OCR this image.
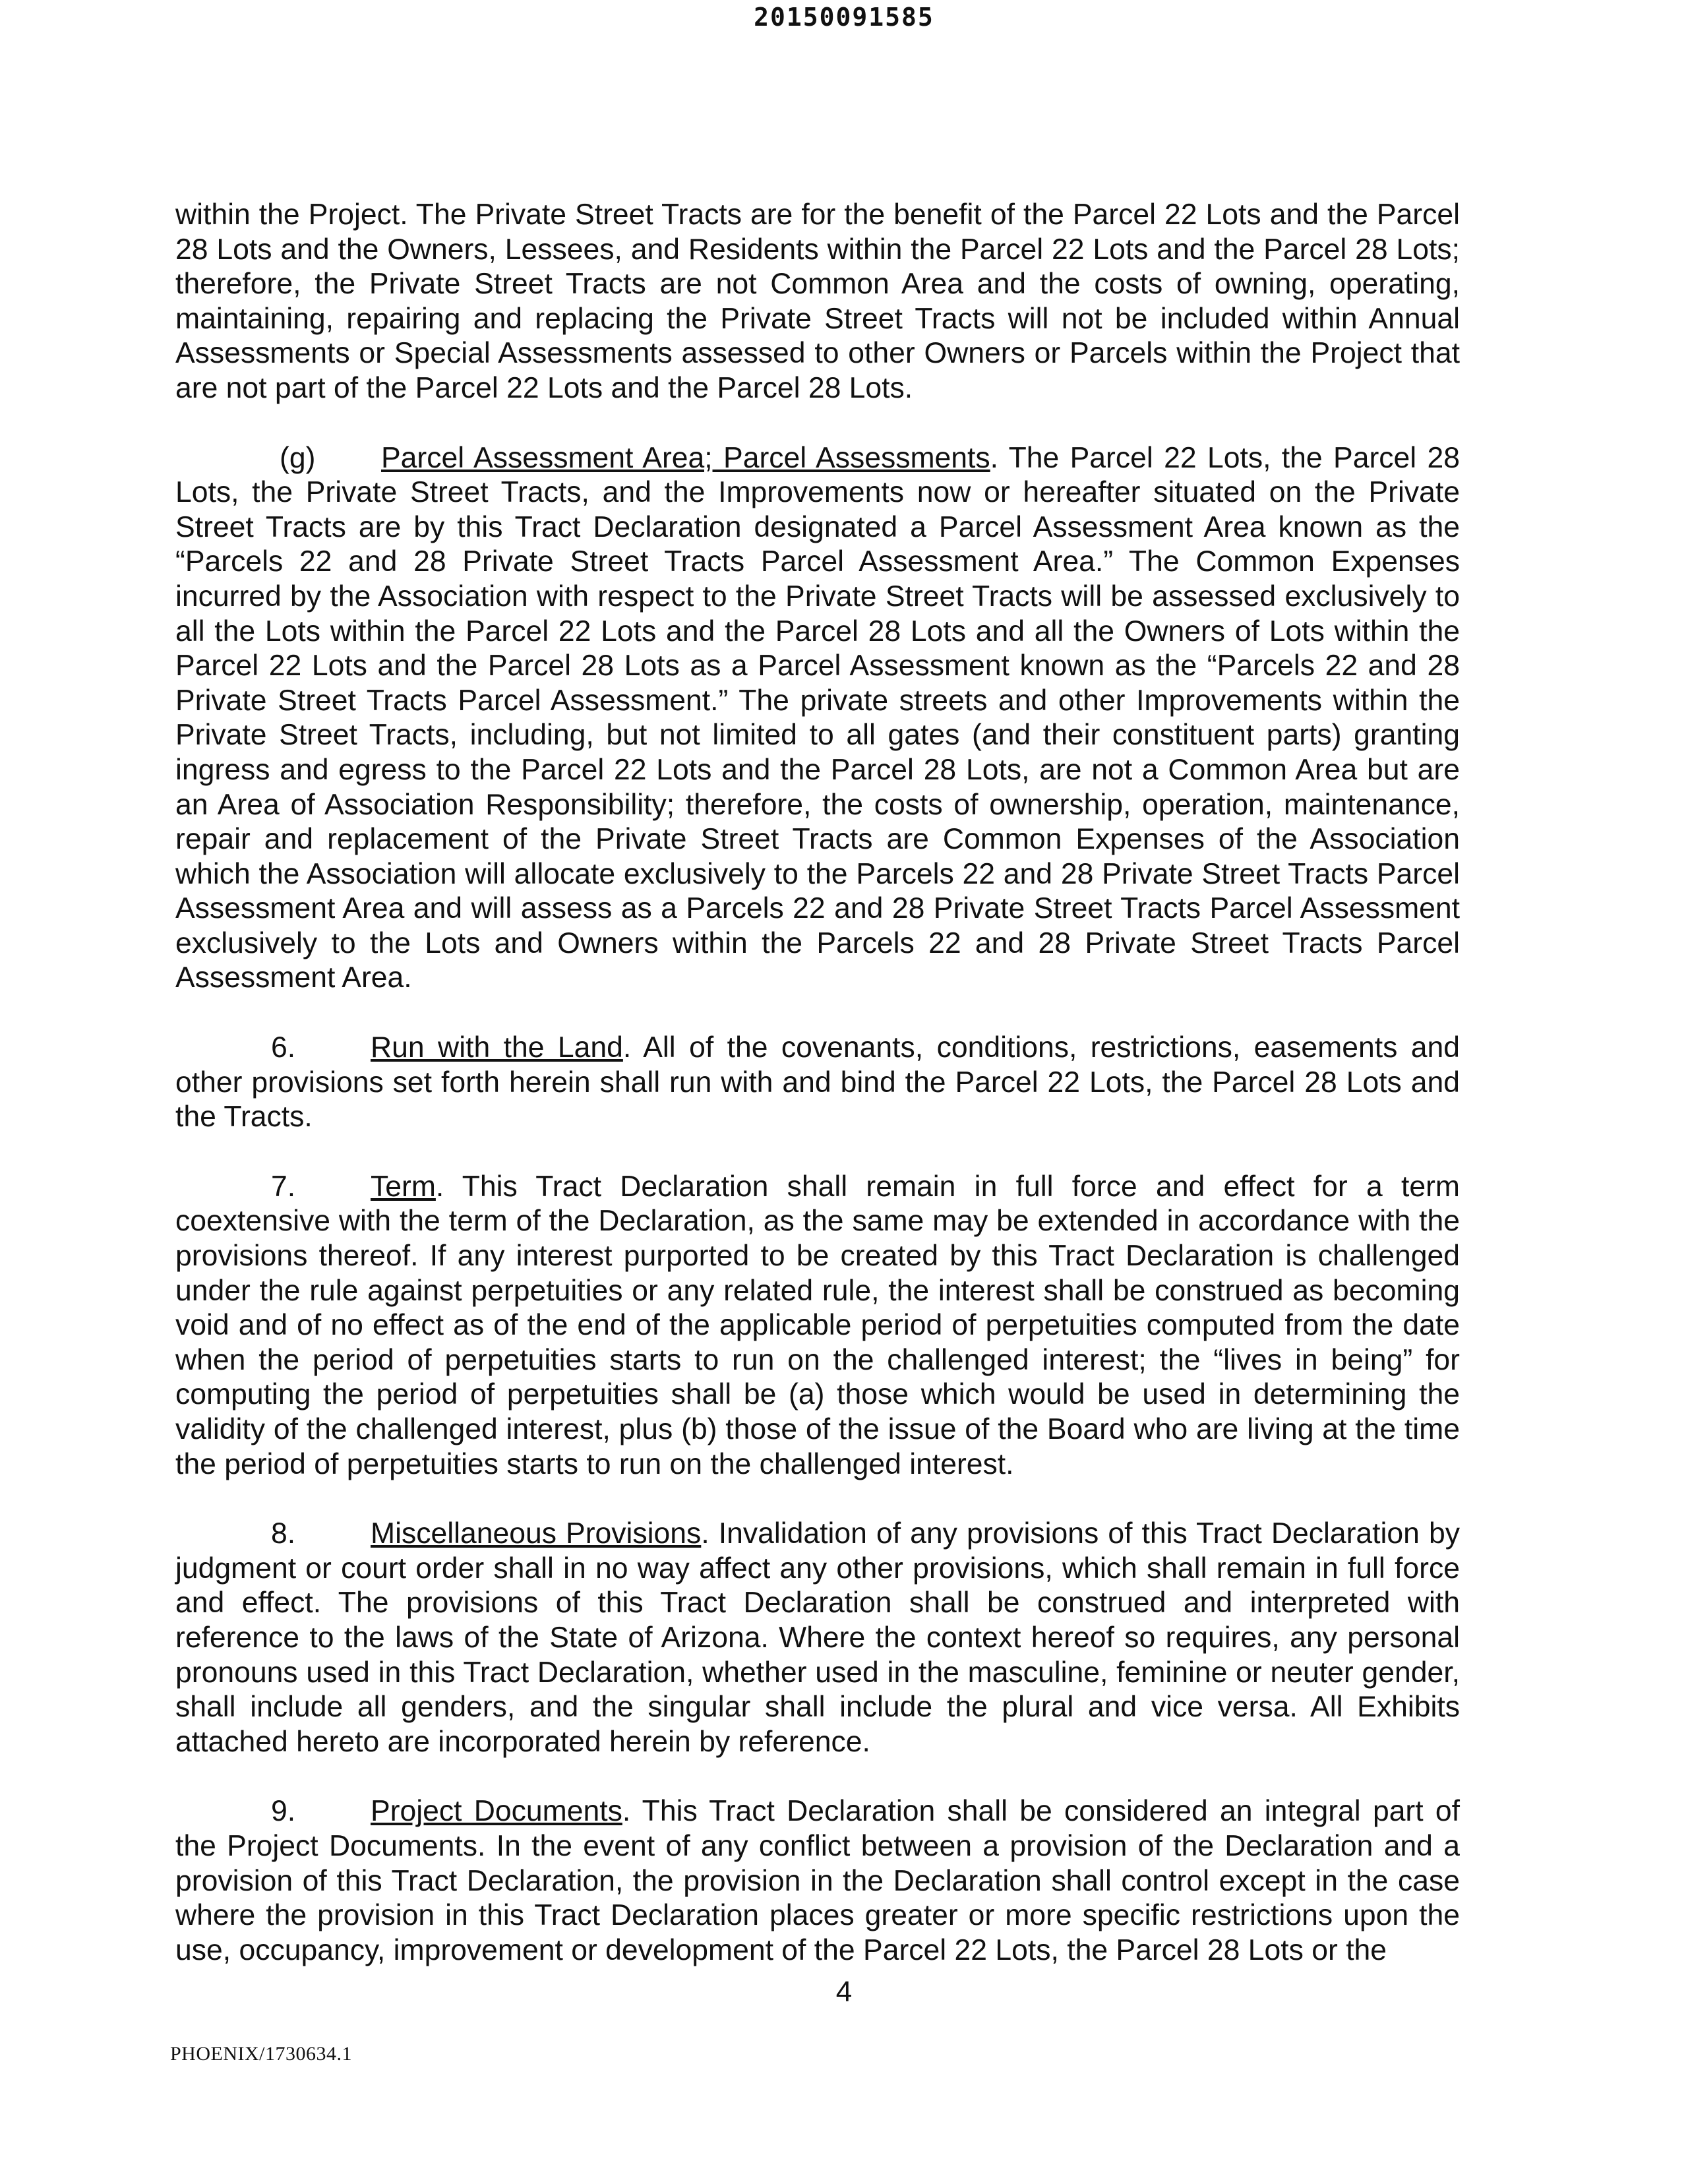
20150091585

within the Project. The Private Street Tracts are for the benefit of the Parcel 22 Lots and the Parcel 28 Lots and the Owners, Lessees, and Residents within the Parcel 22 Lots and the Parcel 28 Lots; therefore, the Private Street Tracts are not Common Area and the costs of owning, operating, maintaining, repairing and replacing the Private Street Tracts will not be included within Annual Assessments or Special Assessments assessed to other Owners or Parcels within the Project that are not part of the Parcel 22 Lots and the Parcel 28 Lots.

(g) Parcel Assessment Area; Parcel Assessments. The Parcel 22 Lots, the Parcel 28 Lots, the Private Street Tracts, and the Improvements now or hereafter situated on the Private Street Tracts are by this Tract Declaration designated a Parcel Assessment Area known as the “Parcels 22 and 28 Private Street Tracts Parcel Assessment Area.” The Common Expenses incurred by the Association with respect to the Private Street Tracts will be assessed exclusively to all the Lots within the Parcel 22 Lots and the Parcel 28 Lots and all the Owners of Lots within the Parcel 22 Lots and the Parcel 28 Lots as a Parcel Assessment known as the “Parcels 22 and 28 Private Street Tracts Parcel Assessment.” The private streets and other Improvements within the Private Street Tracts, including, but not limited to all gates (and their constituent parts) granting ingress and egress to the Parcel 22 Lots and the Parcel 28 Lots, are not a Common Area but are an Area of Association Responsibility; therefore, the costs of ownership, operation, maintenance, repair and replacement of the Private Street Tracts are Common Expenses of the Association which the Association will allocate exclusively to the Parcels 22 and 28 Private Street Tracts Parcel Assessment Area and will assess as a Parcels 22 and 28 Private Street Tracts Parcel Assessment exclusively to the Lots and Owners within the Parcels 22 and 28 Private Street Tracts Parcel Assessment Area.

6.	Run with the Land. All of the covenants, conditions, restrictions, easements and other provisions set forth herein shall run with and bind the Parcel 22 Lots, the Parcel 28 Lots and the Tracts.

7.	Term. This Tract Declaration shall remain in full force and effect for a term coextensive with the term of the Declaration, as the same may be extended in accordance with the provisions thereof. If any interest purported to be created by this Tract Declaration is challenged under the rule against perpetuities or any related rule, the interest shall be construed as becoming void and of no effect as of the end of the applicable period of perpetuities computed from the date when the period of perpetuities starts to run on the challenged interest; the “lives in being” for computing the period of perpetuities shall be (a) those which would be used in determining the validity of the challenged interest, plus (b) those of the issue of the Board who are living at the time the period of perpetuities starts to run on the challenged interest.

8.	Miscellaneous Provisions. Invalidation of any provisions of this Tract Declaration by judgment or court order shall in no way affect any other provisions, which shall remain in full force and effect. The provisions of this Tract Declaration shall be construed and interpreted with reference to the laws of the State of Arizona. Where the context hereof so requires, any personal pronouns used in this Tract Declaration, whether used in the masculine, feminine or neuter gender, shall include all genders, and the singular shall include the plural and vice versa. All Exhibits attached hereto are incorporated herein by reference.

9.	Project Documents. This Tract Declaration shall be considered an integral part of the Project Documents. In the event of any conflict between a provision of the Declaration and a provision of this Tract Declaration, the provision in the Declaration shall control except in the case where the provision in this Tract Declaration places greater or more specific restrictions upon the use, occupancy, improvement or development of the Parcel 22 Lots, the Parcel 28 Lots or the

4
PHOENIX/1730634.1
